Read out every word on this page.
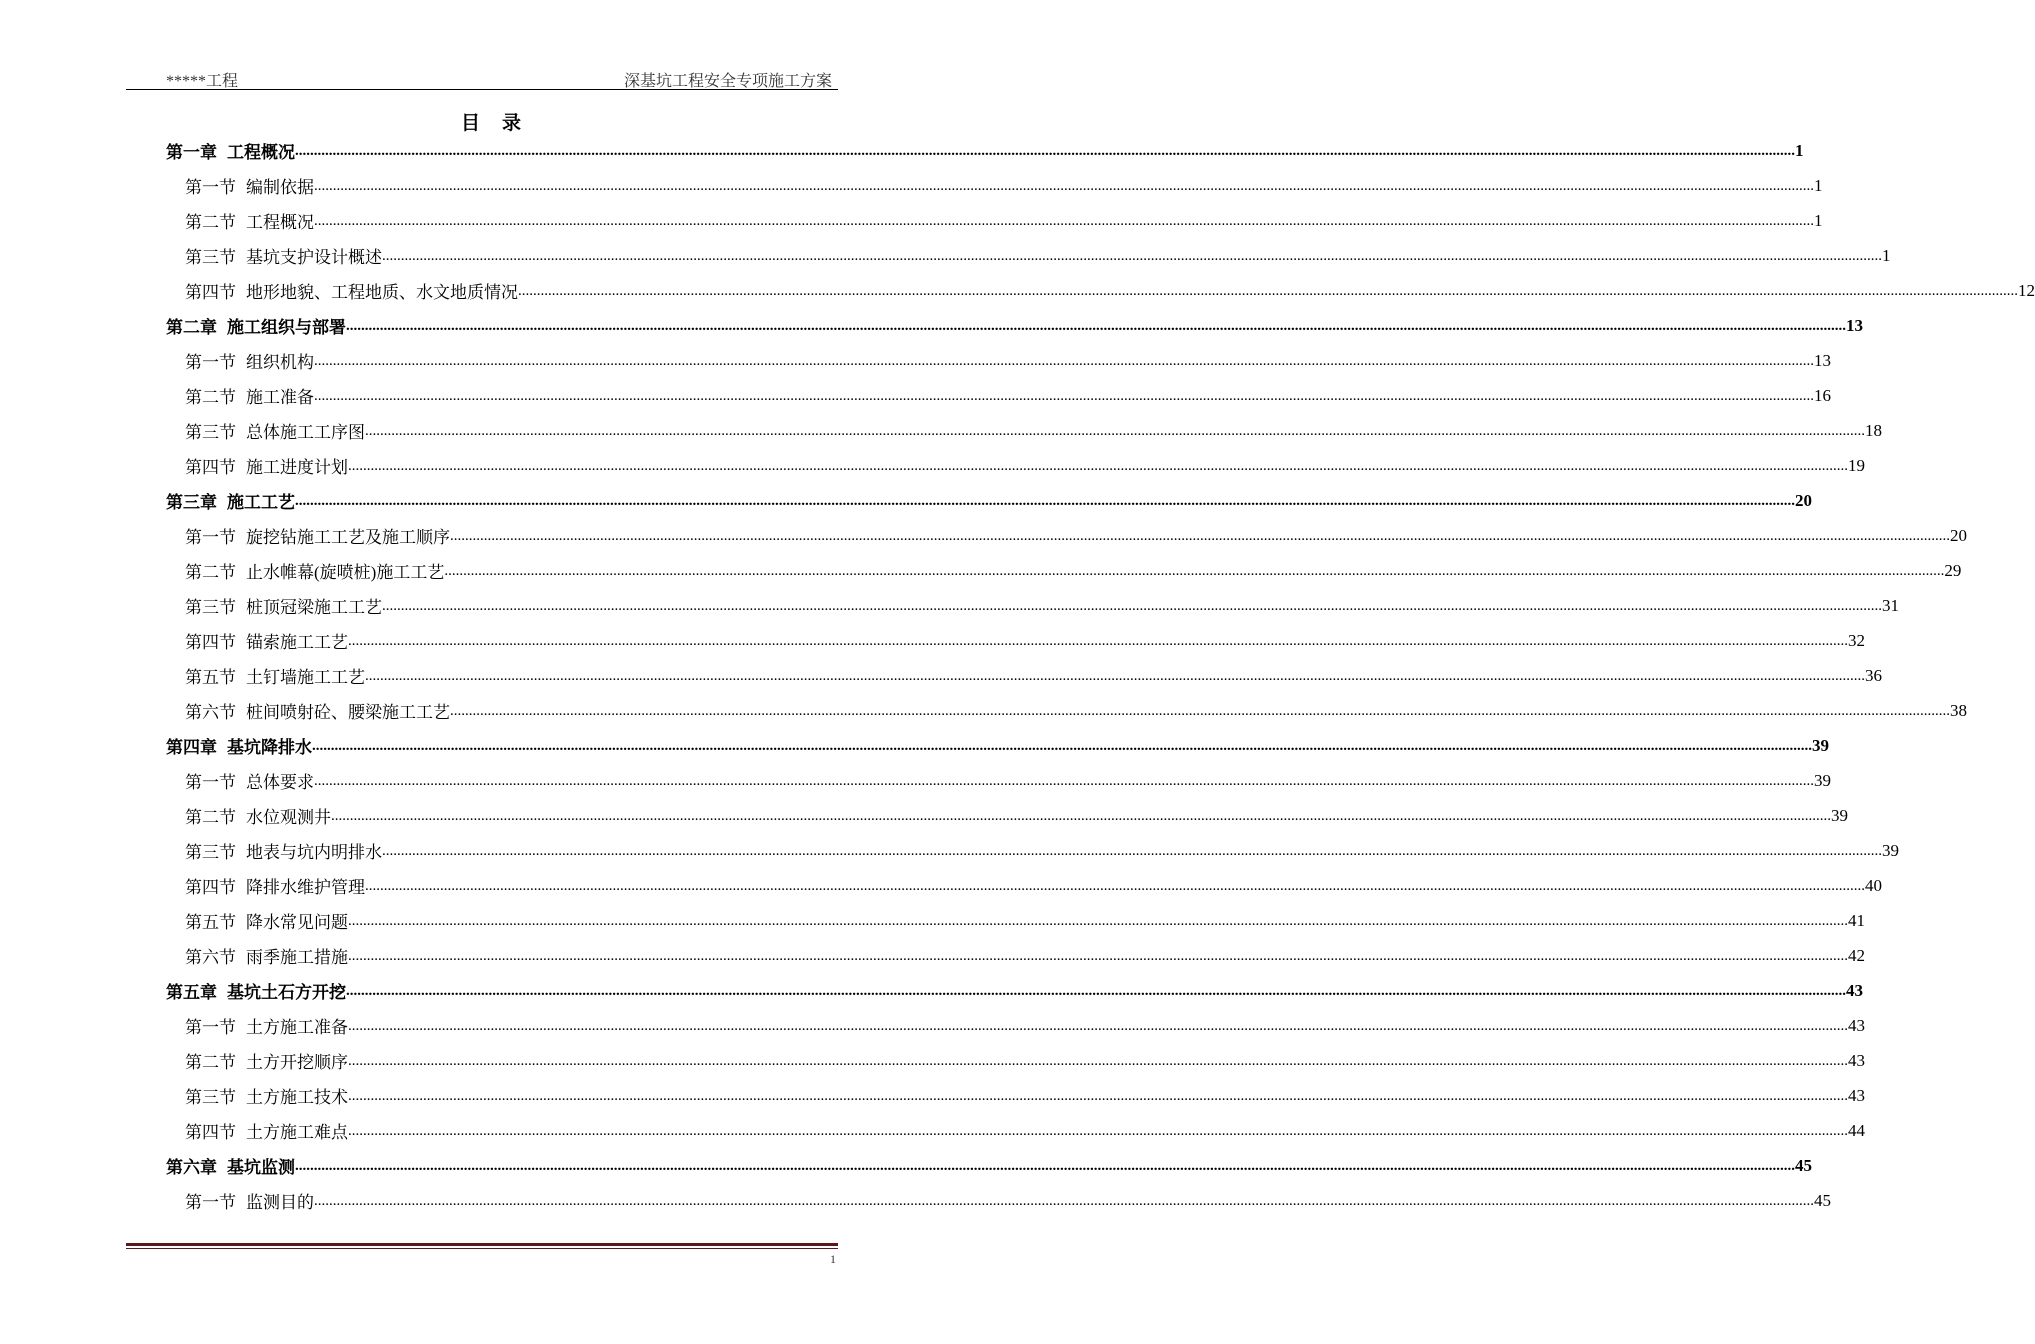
*****工程	深基坑工程安全专项施工方案
目录
第一章 工程概况 ................................................................................................................................................................................................................................................................................................................................................................................................................ 1
第一节 编制依据 ................................................................................................................................................................................................................................................................................................................................................................................................................ 1
第二节 工程概况 ................................................................................................................................................................................................................................................................................................................................................................................................................ 1
第三节 基坑支护设计概述 ................................................................................................................................................................................................................................................................................................................................................................................................................ 1
第四节 地形地貌、工程地质、水文地质情况 ................................................................................................................................................................................................................................................................................................................................................................................................................ 12
第二章 施工组织与部署 ................................................................................................................................................................................................................................................................................................................................................................................................................ 13
第一节 组织机构 ................................................................................................................................................................................................................................................................................................................................................................................................................ 13
第二节 施工准备 ................................................................................................................................................................................................................................................................................................................................................................................................................ 16
第三节 总体施工工序图 ................................................................................................................................................................................................................................................................................................................................................................................................................ 18
第四节 施工进度计划 ................................................................................................................................................................................................................................................................................................................................................................................................................ 19
第三章 施工工艺 ................................................................................................................................................................................................................................................................................................................................................................................................................ 20
第一节 旋挖钻施工工艺及施工顺序 ................................................................................................................................................................................................................................................................................................................................................................................................................ 20
第二节 止水帷幕(旋喷桩)施工工艺 ................................................................................................................................................................................................................................................................................................................................................................................................................ 29
第三节 桩顶冠梁施工工艺 ................................................................................................................................................................................................................................................................................................................................................................................................................ 31
第四节 锚索施工工艺 ................................................................................................................................................................................................................................................................................................................................................................................................................ 32
第五节 土钉墙施工工艺 ................................................................................................................................................................................................................................................................................................................................................................................................................ 36
第六节 桩间喷射砼、腰梁施工工艺 ................................................................................................................................................................................................................................................................................................................................................................................................................ 38
第四章 基坑降排水 ................................................................................................................................................................................................................................................................................................................................................................................................................ 39
第一节 总体要求 ................................................................................................................................................................................................................................................................................................................................................................................................................ 39
第二节 水位观测井 ................................................................................................................................................................................................................................................................................................................................................................................................................ 39
第三节 地表与坑内明排水 ................................................................................................................................................................................................................................................................................................................................................................................................................ 39
第四节 降排水维护管理 ................................................................................................................................................................................................................................................................................................................................................................................................................ 40
第五节 降水常见问题 ................................................................................................................................................................................................................................................................................................................................................................................................................ 41
第六节 雨季施工措施 ................................................................................................................................................................................................................................................................................................................................................................................................................ 42
第五章 基坑土石方开挖 ................................................................................................................................................................................................................................................................................................................................................................................................................ 43
第一节 土方施工准备 ................................................................................................................................................................................................................................................................................................................................................................................................................ 43
第二节 土方开挖顺序 ................................................................................................................................................................................................................................................................................................................................................................................................................ 43
第三节 土方施工技术 ................................................................................................................................................................................................................................................................................................................................................................................................................ 43
第四节 土方施工难点 ................................................................................................................................................................................................................................................................................................................................................................................................................ 44
第六章 基坑监测 ................................................................................................................................................................................................................................................................................................................................................................................................................ 45
第一节 监测目的 ................................................................................................................................................................................................................................................................................................................................................................................................................ 45
1
